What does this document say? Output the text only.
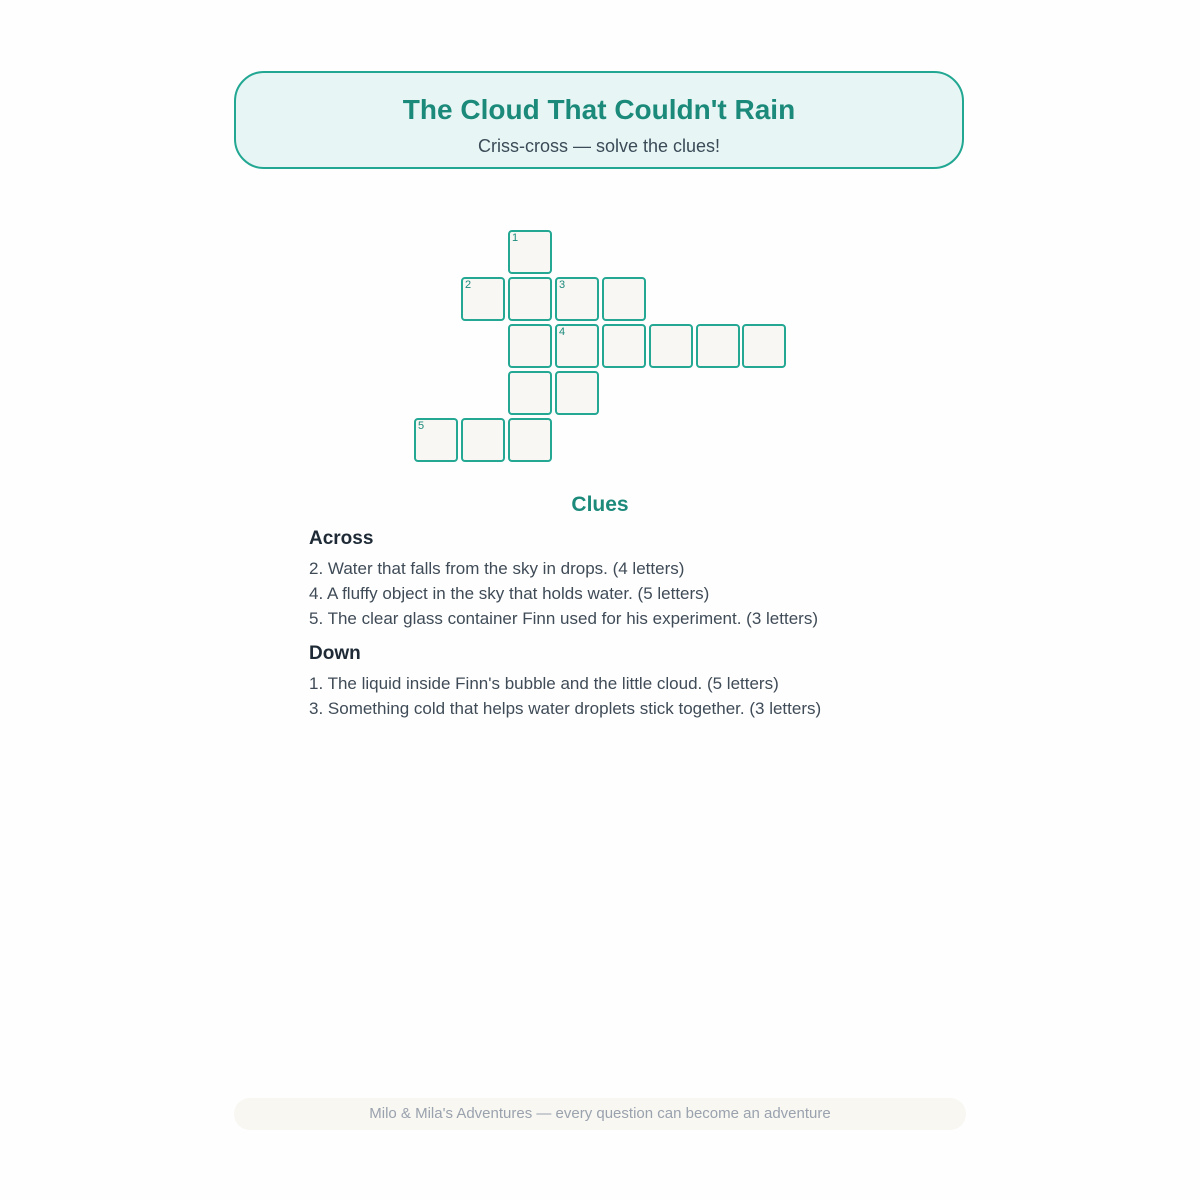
The Cloud That Couldn't Rain
Criss-cross — solve the clues!
1
2	3
4
5
Clues
Across
2. Water that falls from the sky in drops. (4 letters)
4. A fluffy object in the sky that holds water. (5 letters)
5. The clear glass container Finn used for his experiment. (3 letters)
Down
1. The liquid inside Finn's bubble and the little cloud. (5 letters)
3. Something cold that helps water droplets stick together. (3 letters)
Milo & Mila's Adventures — every question can become an adventure
